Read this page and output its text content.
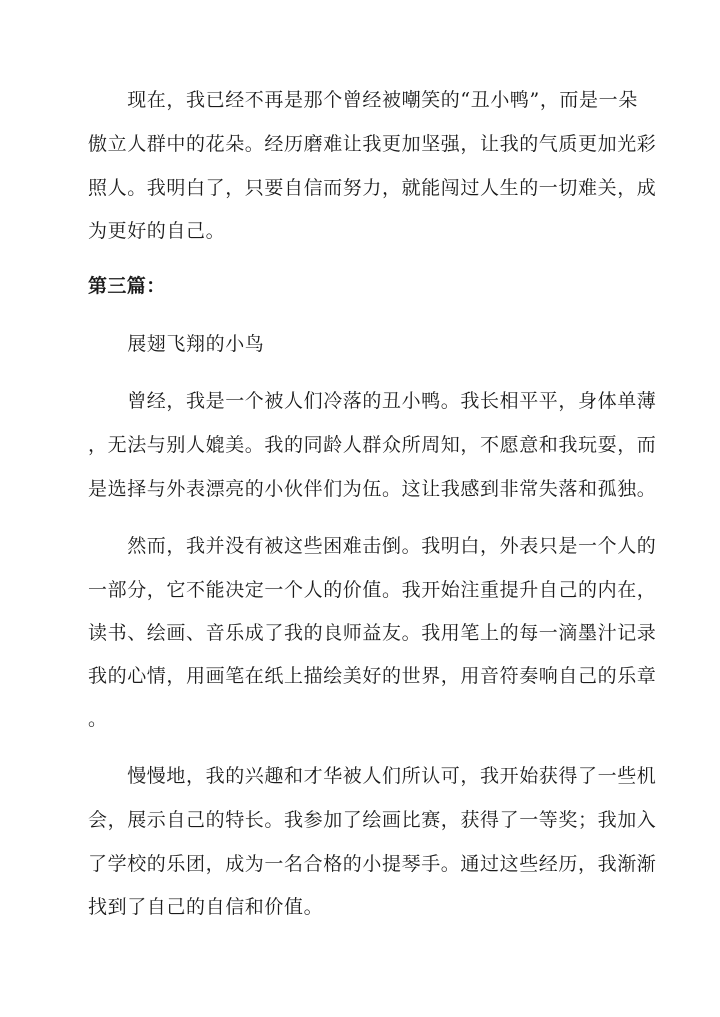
　　现在，我已经不再是那个曾经被嘲笑的“丑小鸭”，而是一朵
傲立人群中的花朵。经历磨难让我更加坚强，让我的气质更加光彩
照人。我明白了，只要自信而努力，就能闯过人生的一切难关，成
为更好的自己。
第三篇：
　　展翅飞翔的小鸟
　　曾经，我是一个被人们冷落的丑小鸭。我长相平平，身体单薄
，无法与别人媲美。我的同龄人群众所周知，不愿意和我玩耍，而
是选择与外表漂亮的小伙伴们为伍。这让我感到非常失落和孤独。
　　然而，我并没有被这些困难击倒。我明白，外表只是一个人的
一部分，它不能决定一个人的价值。我开始注重提升自己的内在，
读书、绘画、音乐成了我的良师益友。我用笔上的每一滴墨汁记录
我的心情，用画笔在纸上描绘美好的世界，用音符奏响自己的乐章
。
　　慢慢地，我的兴趣和才华被人们所认可，我开始获得了一些机
会，展示自己的特长。我参加了绘画比赛，获得了一等奖；我加入
了学校的乐团，成为一名合格的小提琴手。通过这些经历，我渐渐
找到了自己的自信和价值。
